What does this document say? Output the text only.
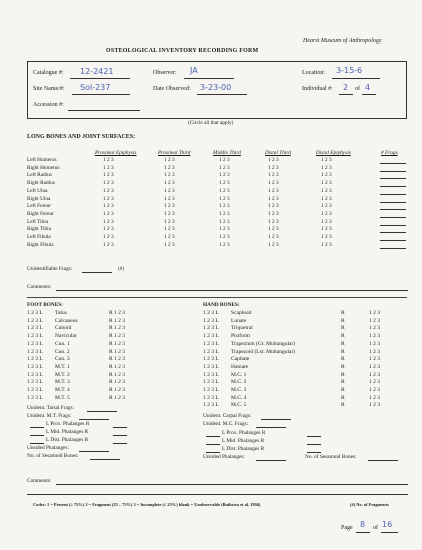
Hearst Museum of Anthropology
OSTEOLOGICAL INVENTORY RECORDING FORM
Catalogue #: 12-2421	Observer: JA	Location: 3-15-6
Site Name/#: Sol-237	Date Observed: 3-23-00	Individual #: 2 of 4
Accession #:
(Circle all that apply)
LONG BONES AND JOINT SURFACES:
Proximal Epiphysis	Proximal Third	Middle Third	Distal Third	Distal Epiphysis	# Frags
Left Humerus	1 2 3	1 2 3	1 2 3	1 2 3	1 2 3
Right Humerus	1 2 3	1 2 3	1 2 3	1 2 3	1 2 3
Left Radius	1 2 3	1 2 3	1 2 3	1 2 3	1 2 3
Right Radius	1 2 3	1 2 3	1 2 3	1 2 3	1 2 3
Left Ulna	1 2 3	1 2 3	1 2 3	1 2 3	1 2 3
Right Ulna	1 2 3	1 2 3	1 2 3	1 2 3	1 2 3
Left Femur	1 2 3	1 2 3	1 2 3	1 2 3	1 2 3
Right Femur	1 2 3	1 2 3	1 2 3	1 2 3	1 2 3
Left Tibia	1 2 3	1 2 3	1 2 3	1 2 3	1 2 3
Right Tibia	1 2 3	1 2 3	1 2 3	1 2 3	1 2 3
Left Fibula	1 2 3	1 2 3	1 2 3	1 2 3	1 2 3
Right Fibula	1 2 3	1 2 3	1 2 3	1 2 3	1 2 3
Unidentifiable Frags:	(#)
Comments:
FOOT BONES:
1 2 3 L	Talus	R 1 2 3
1 2 3 L	Calcaneus	R 1 2 3
1 2 3 L	Cuboid	R 1 2 3
1 2 3 L	Navicular	R 1 2 3
1 2 3 L	Cun. 1	R 1 2 3
1 2 3 L	Cun. 2	R 1 2 3
1 2 3 L	Cun. 3	R 1 2 3
1 2 3 L	M.T. 1	R 1 2 3
1 2 3 L	M.T. 2	R 1 2 3
1 2 3 L	M.T. 3	R 1 2 3
1 2 3 L	M.T. 4	R 1 2 3
1 2 3 L	M.T. 5	R 1 2 3
Unident. Tarsal Frags:
Unident. M.T. Frags:
L Prox. Phalanges R
L Mid. Phalanges R
L Dist. Phalanges R
Unsided Phalanges:
No. of Sesamoid Bones:
HAND BONES:
1 2 3 L	Scaphoid	R	1 2 3
1 2 3 L	Lunate	R	1 2 3
1 2 3 L	Triquetral	R	1 2 3
1 2 3 L	Pisiform	R	1 2 3
1 2 3 L	Trapezium (Gr. Multangular)	R	1 2 3
1 2 3 L	Trapezoid (Lsr. Multangular)	R	1 2 3
1 2 3 L	Capitate	R	1 2 3
1 2 3 L	Hamate	R	1 2 3
1 2 3 L	M.C. 1	R	1 2 3
1 2 3 L	M.C. 2	R	1 2 3
1 2 3 L	M.C. 3	R	1 2 3
1 2 3 L	M.C. 4	R	1 2 3
1 2 3 L	M.C. 5	R	1 2 3
Unident. Carpal Frags:
Unident. M.C. Frags:
L Prox. Phalanges R
L Mid. Phalanges R
L Dist. Phalanges R
Unsided Phalanges:	No. of Sesamoid Bones:
Comments:
Codes: 1 = Present (≥ 75%) 2 = Fragment (25 – 75%) 3 = Incomplete (≤ 25%) blank = Unobservable (Buikstra et al. 1994)	(#) No. of Fragments
Page 8 of 16
